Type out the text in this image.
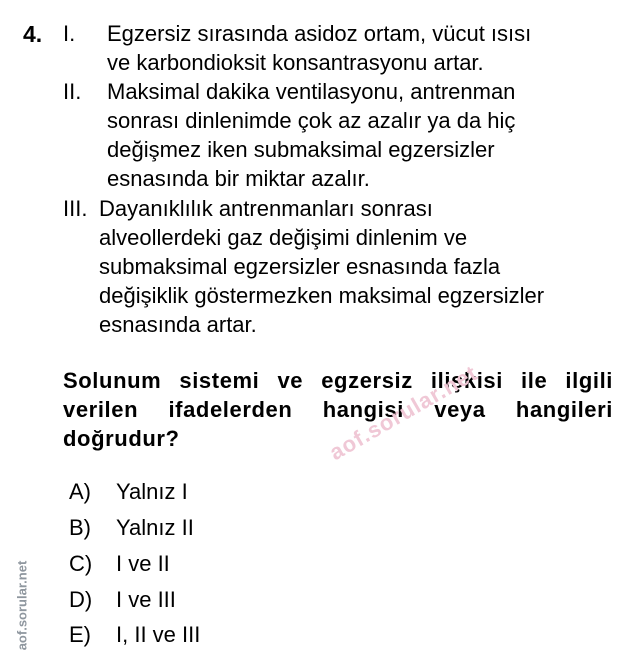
4. I. Egzersiz sırasında asidoz ortam, vücut ısısı
ve karbondioksit konsantrasyonu artar.
II. Maksimal dakika ventilasyonu, antrenman
sonrası dinlenimde çok az azalır ya da hiç
değişmez iken submaksimal egzersizler
esnasında bir miktar azalır.
III. Dayanıklılık antrenmanları sonrası
alveollerdeki gaz değişimi dinlenim ve
submaksimal egzersizler esnasında fazla
değişiklik göstermezken maksimal egzersizler
esnasında artar.
Solunum sistemi ve egzersiz ilişkisi ile ilgili
verilen ifadelerden hangisi veya hangileri
doğrudur?
A) Yalnız I
B) Yalnız II
C) I ve II
D) I ve III
E) I, II ve III
aof.sorular.net
aof.sorular.net
